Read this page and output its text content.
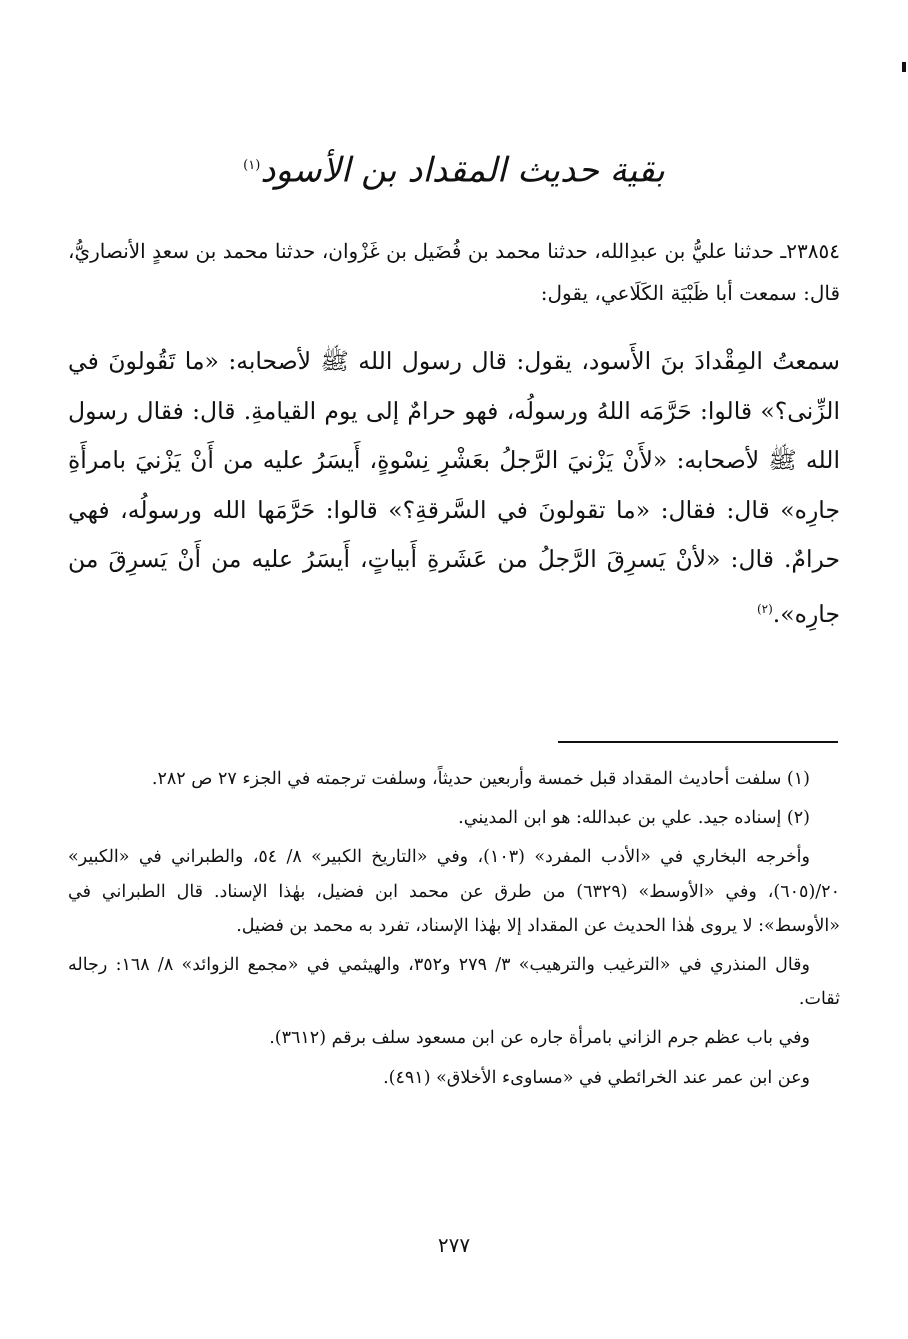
بقية حديث المقداد بن الأسود$^{(١)}$
٢٣٨٥٤ـ حدثنا عليُّ بن عبدِالله، حدثنا محمد بن فُضَيل بن غَزْوان، حدثنا محمد بن سعدٍ الأنصاريُّ، قال: سمعت أبا ظَبْيَة الكَلَاعي، يقول:
سمعتُ المِقْدادَ بنَ الأَسود، يقول: قال رسول الله ﷺ لأصحابه: «ما تَقُولونَ في الزِّنى؟» قالوا: حَرَّمَه اللهُ ورسولُه، فهو حرامٌ إلى يوم القيامةِ. قال: فقال رسول الله ﷺ لأصحابه: «لأَنْ يَزْنيَ الرَّجلُ بعَشْرِ نِسْوةٍ، أَيسَرُ عليه من أَنْ يَزْنيَ بامرأَةِ جارِه» قال: فقال: «ما تقولونَ في السَّرقةِ؟» قالوا: حَرَّمَها الله ورسولُه، فهي حرامٌ. قال: «لأنْ يَسرِقَ الرَّجلُ من عَشَرةِ أَبياتٍ، أَيسَرُ عليه من أَنْ يَسرِقَ من جارِه».$^{(٢)}$

(١) سلفت أحاديث المقداد قبل خمسة وأربعين حديثاً، وسلفت ترجمته في الجزء ٢٧ ص ٢٨٢.

(٢) إسناده جيد. علي بن عبدالله: هو ابن المديني.

وأخرجه البخاري في «الأدب المفرد» (١٠٣)، وفي «التاريخ الكبير» ٨/ ٥٤، والطبراني في «الكبير» ٢٠/(٦٠٥)، وفي «الأوسط» (٦٣٢٩) من طرق عن محمد ابن فضيل، بهٰذا الإسناد. قال الطبراني في «الأوسط»: لا يروى هٰذا الحديث عن المقداد إلا بهٰذا الإسناد، تفرد به محمد بن فضيل.

وقال المنذري في «الترغيب والترهيب» ٣/ ٢٧٩ و٣٥٢، والهيثمي في «مجمع الزوائد» ٨/ ١٦٨: رجاله ثقات.

وفي باب عظم جرم الزاني بامرأة جاره عن ابن مسعود سلف برقم (٣٦١٢).

وعن ابن عمر عند الخرائطي في «مساوىء الأخلاق» (٤٩١).

٢٧٧
